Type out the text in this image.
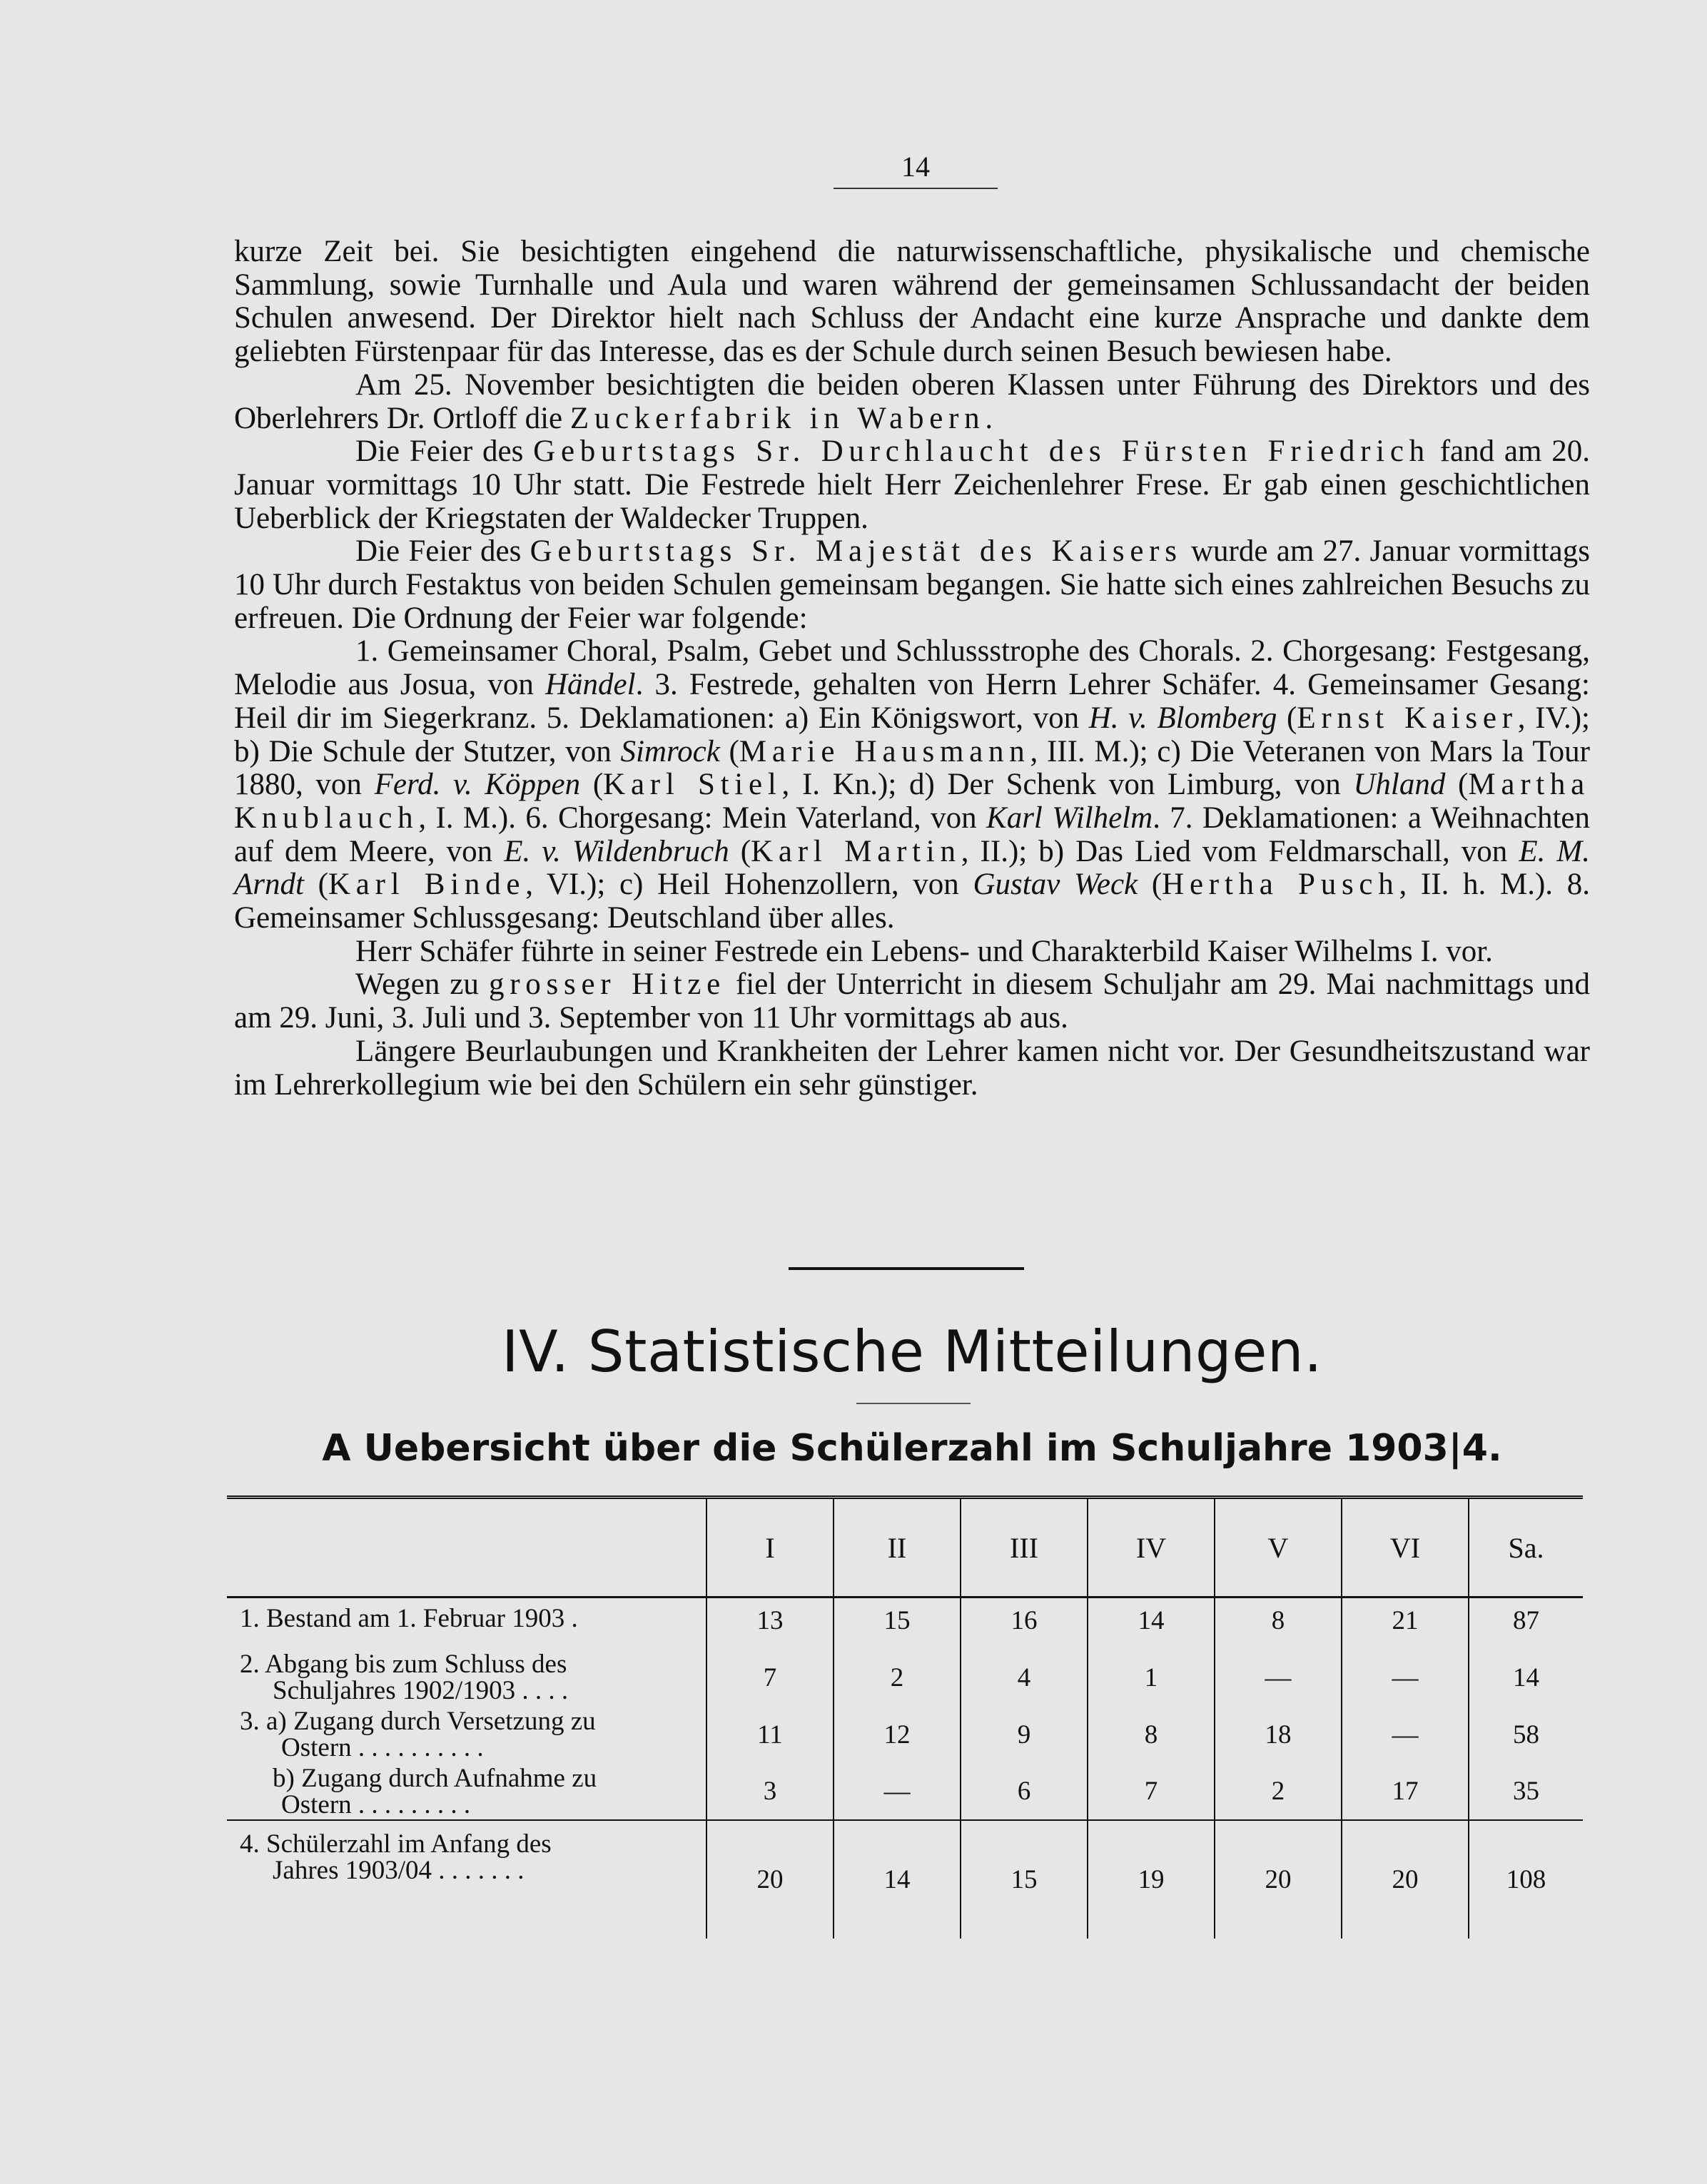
14

kurze Zeit bei. Sie besichtigten eingehend die naturwissenschaftliche, physikalische und chemische Sammlung, sowie Turnhalle und Aula und waren während der gemeinsamen Schlussandacht der beiden Schulen anwesend. Der Direktor hielt nach Schluss der Andacht eine kurze Ansprache und dankte dem geliebten Fürstenpaar für das Interesse, das es der Schule durch seinen Besuch bewiesen habe.

Am 25. November besichtigten die beiden oberen Klassen unter Führung des Direktors und des Oberlehrers Dr. Ortloff die Zuckerfabrik in Wabern.

Die Feier des Geburtstags Sr. Durchlaucht des Fürsten Friedrich fand am 20. Januar vormittags 10 Uhr statt. Die Festrede hielt Herr Zeichenlehrer Frese. Er gab einen geschichtlichen Ueberblick der Kriegstaten der Waldecker Truppen.

Die Feier des Geburtstags Sr. Majestät des Kaisers wurde am 27. Januar vormittags 10 Uhr durch Festaktus von beiden Schulen gemeinsam begangen. Sie hatte sich eines zahlreichen Besuchs zu erfreuen. Die Ordnung der Feier war folgende:

1. Gemeinsamer Choral, Psalm, Gebet und Schlussstrophe des Chorals. 2. Chorgesang: Festgesang, Melodie aus Josua, von Händel. 3. Festrede, gehalten von Herrn Lehrer Schäfer. 4. Gemeinsamer Gesang: Heil dir im Siegerkranz. 5. Deklamationen: a) Ein Königswort, von H. v. Blomberg (Ernst Kaiser, IV.); b) Die Schule der Stutzer, von Simrock (Marie Hausmann, III. M.); c) Die Veteranen von Mars la Tour 1880, von Ferd. v. Köppen (Karl Stiel, I. Kn.); d) Der Schenk von Limburg, von Uhland (Martha Knublauch, I. M.). 6. Chorgesang: Mein Vaterland, von Karl Wilhelm. 7. Deklamationen: a Weihnachten auf dem Meere, von E. v. Wildenbruch (Karl Martin, II.); b) Das Lied vom Feldmarschall, von E. M. Arndt (Karl Binde, VI.); c) Heil Hohenzollern, von Gustav Weck (Hertha Pusch, II. h. M.). 8. Gemeinsamer Schlussgesang: Deutschland über alles.

Herr Schäfer führte in seiner Festrede ein Lebens- und Charakterbild Kaiser Wilhelms I. vor.

Wegen zu grosser Hitze fiel der Unterricht in diesem Schuljahr am 29. Mai nachmittags und am 29. Juni, 3. Juli und 3. September von 11 Uhr vormittags ab aus.

Längere Beurlaubungen und Krankheiten der Lehrer kamen nicht vor. Der Gesundheitszustand war im Lehrerkollegium wie bei den Schülern ein sehr günstiger.

IV. Statistische Mitteilungen.
A Uebersicht über die Schülerzahl im Schuljahre 1903|4.
	I	II	III	IV	V	VI	Sa.
1. Bestand am 1. Februar 1903 .	13	15	16	14	8	21	87
2. Abgang bis zum Schluss des
Schuljahres 1902/1903 . . . .	7	2	4	1	—	—	14
3. a) Zugang durch Versetzung zu
Ostern . . . . . . . . . .	11	12	9	8	18	—	58
b) Zugang durch Aufnahme zu
Ostern . . . . . . . . .	3	—	6	7	2	17	35
4. Schülerzahl im Anfang des
Jahres 1903/04 . . . . . . .	20	14	15	19	20	20	108
